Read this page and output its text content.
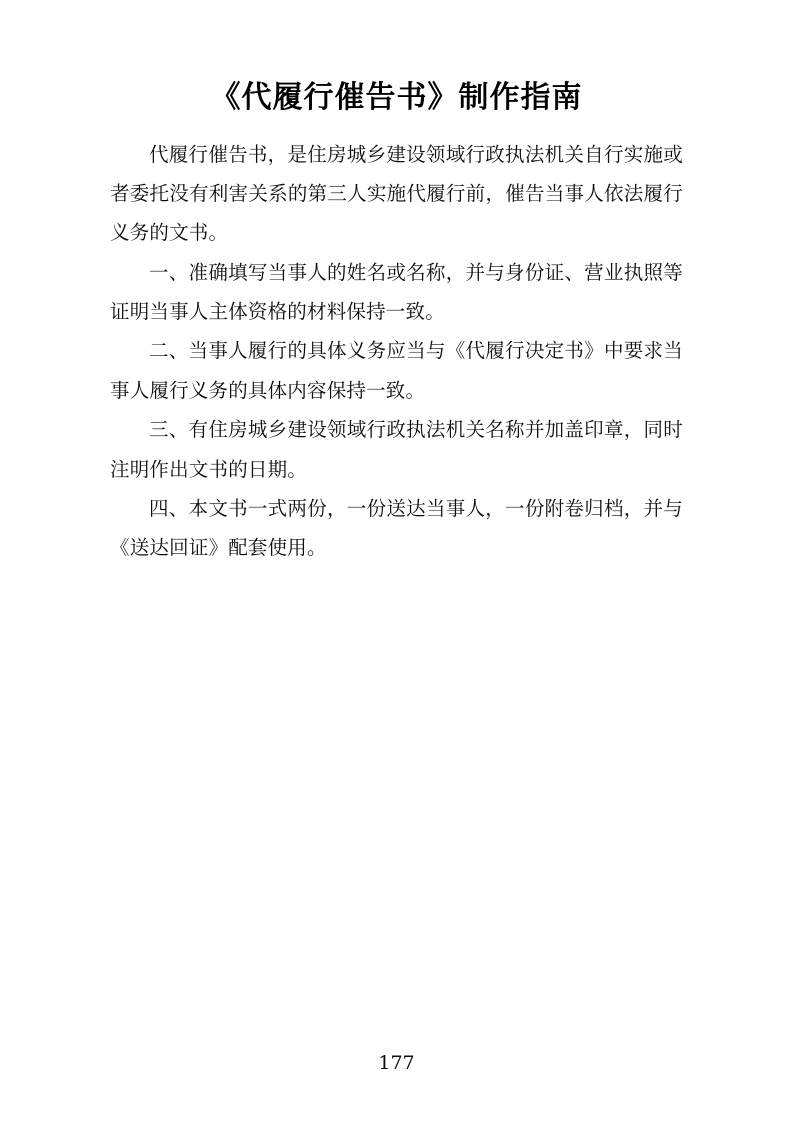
《代履行催告书》制作指南

代履行催告书，是住房城乡建设领域行政执法机关自行实施或者委托没有利害关系的第三人实施代履行前，催告当事人依法履行义务的文书。

一、准确填写当事人的姓名或名称，并与身份证、营业执照等证明当事人主体资格的材料保持一致。

二、当事人履行的具体义务应当与《代履行决定书》中要求当事人履行义务的具体内容保持一致。

三、有住房城乡建设领域行政执法机关名称并加盖印章，同时注明作出文书的日期。

四、本文书一式两份，一份送达当事人，一份附卷归档，并与《送达回证》配套使用。

177
